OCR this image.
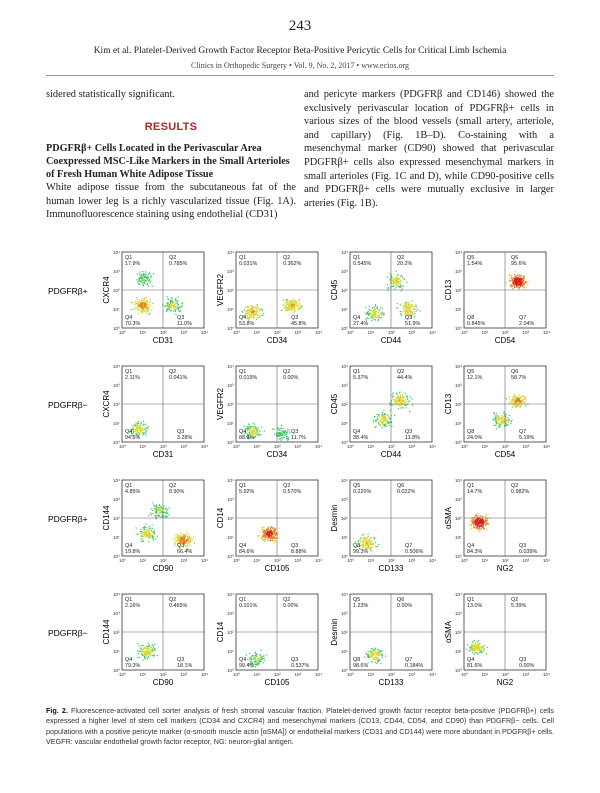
243
Kim et al. Platelet-Derived Growth Factor Receptor Beta-Positive Pericytic Cells for Critical Limb Ischemia
Clinics in Orthopedic Surgery • Vol. 9, No. 2, 2017 • www.ecios.org

sidered statistically significant.

RESULTS

PDGFRβ+ Cells Located in the Perivascular Area Coexpressed MSC-Like Markers in the Small Arterioles of Fresh Human White Adipose Tissue

White adipose tissue from the subcutaneous fat of the human lower leg is a richly vascularized tissue (Fig. 1A). Immunofluorescence staining using endothelial (CD31)

and pericyte markers (PDGFRβ and CD146) showed the exclusively perivascular location of PDGFRβ+ cells in various sizes of the blood vessels (small artery, arteriole, and capillary) (Fig. 1B–D). Co-staining with a mesenchymal marker (CD90) showed that perivascular PDGFRβ+ cells also expressed mesenchymal markers in small arterioles (Fig. 1C and D), while CD90-positive cells and PDGFRβ+ cells were mutually exclusive in larger arteries (Fig. 1B).

PDGFRβ+
Q1
17.9%
Q2
0.785%
Q4
70.3%
Q3
11.0%
10⁰
10⁰
10¹
10¹
10²
10²
10³
10³
10⁴
10⁴
CD31
CXCR4
Q1
0.031%
Q2
0.362%
Q4
53.8%
Q3
45.8%
10⁰
10⁰
10¹
10¹
10²
10²
10³
10³
10⁴
10⁴
CD34
VEGFR2
Q1
0.545%
Q2
20.2%
Q4
27.4%
Q3
51.9%
10⁰
10⁰
10¹
10¹
10²
10²
10³
10³
10⁴
10⁴
CD44
CD45
Q5
1.54%
Q6
95.6%
Q8
0.845%
Q7
2.04%
10⁰
10⁰
10¹
10¹
10²
10²
10³
10³
10⁴
10⁴
CD54
CD13
PDGFRβ−
Q1
2.11%
Q2
0.041%
Q4
94.6%
Q3
3.28%
10⁰
10⁰
10¹
10¹
10²
10²
10³
10³
10⁴
10⁴
CD31
CXCR4
Q1
0.019%
Q2
0.00%
Q4
88.3%
Q3
11.7%
10⁰
10⁰
10¹
10¹
10²
10²
10³
10³
10⁴
10⁴
CD34
VEGFR2
Q1
5.37%
Q2
44.4%
Q4
38.4%
Q3
11.8%
10⁰
10⁰
10¹
10¹
10²
10²
10³
10³
10⁴
10⁴
CD44
CD45
Q5
12.1%
Q6
58.7%
Q8
24.0%
Q7
5.19%
10⁰
10⁰
10¹
10¹
10²
10²
10³
10³
10⁴
10⁴
CD54
CD13
PDGFRβ+
Q1
4.85%
Q2
8.90%
Q4
19.8%
Q3
66.4%
10⁰
10⁰
10¹
10¹
10²
10²
10³
10³
10⁴
10⁴
CD90
CD144
Q1
5.92%
Q2
0.570%
Q4
84.6%
Q3
8.88%
10⁰
10⁰
10¹
10¹
10²
10²
10³
10³
10⁴
10⁴
CD105
CD14
Q5
0.220%
Q6
0.022%
Q8
99.3%
Q7
0.506%
10⁰
10⁰
10¹
10¹
10²
10²
10³
10³
10⁴
10⁴
CD133
Desmin
Q1
14.7%
Q2
0.982%
Q4
84.3%
Q3
0.039%
10⁰
10⁰
10¹
10¹
10²
10²
10³
10³
10⁴
10⁴
NG2
αSMA
PDGFRβ−
Q1
2.16%
Q2
0.465%
Q4
79.3%
Q3
18.1%
10⁰
10⁰
10¹
10¹
10²
10²
10³
10³
10⁴
10⁴
CD90
CD144
Q1
0.101%
Q2
0.00%
Q4
99.4%
Q3
0.537%
10⁰
10⁰
10¹
10¹
10²
10²
10³
10³
10⁴
10⁴
CD105
CD14
Q5
1.23%
Q6
0.00%
Q8
98.6%
Q7
0.184%
10⁰
10⁰
10¹
10¹
10²
10²
10³
10³
10⁴
10⁴
CD133
Desmin
Q1
13.0%
Q2
5.39%
Q4
81.6%
Q3
0.00%
10⁰
10⁰
10¹
10¹
10²
10²
10³
10³
10⁴
10⁴
NG2
αSMA
Fig. 2. Fluorescence-activated cell sorter analysis of fresh stromal vascular fraction. Platelet-derived growth factor receptor beta-positive (PDGFRβ+) cells expressed a higher level of stem cell markers (CD34 and CXCR4) and mesenchymal markers (CD13, CD44, CD54, and CD90) than PDGFRβ− cells. Cell populations with a positive pericyte marker (α-smooth muscle actin [αSMA]) or endothelial markers (CD31 and CD144) were more abundant in PDGFRβ+ cells. VEGFR: vascular endothelial growth factor receptor, NG: neuron-glial antigen.
